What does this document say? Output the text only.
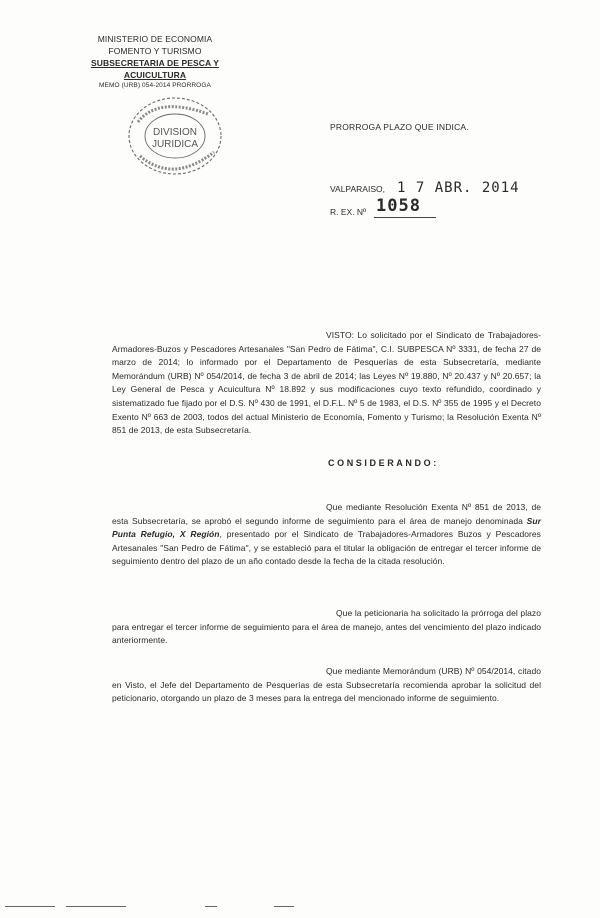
MINISTERIO DE ECONOMIA
FOMENTO Y TURISMO
SUBSECRETARIA DE PESCA Y ACUICULTURA
MEMO (URB) 054-2014 PRORROGA
DIVISION
JURIDICA
PRORROGA PLAZO QUE INDICA.
VALPARAISO, 1 7 ABR. 2014
R. EX. Nº 1058

VISTO: Lo solicitado por el Sindicato de Trabajadores-Armadores-Buzos y Pescadores Artesanales "San Pedro de Fátima", C.I. SUBPESCA Nº 3331, de fecha 27 de marzo de 2014; lo informado por el Departamento de Pesquerías de esta Subsecretaría, mediante Memorándum (URB) Nº 054/2014, de fecha 3 de abril de 2014; las Leyes Nº 19.880, Nº 20.437 y Nº 20.657; la Ley General de Pesca y Acuicultura Nº 18.892 y sus modificaciones cuyo texto refundido, coordinado y sistematizado fue fijado por el D.S. Nº 430 de 1991, el D.F.L. Nº 5 de 1983, el D.S. Nº 355 de 1995 y el Decreto Exento Nº 663 de 2003, todos del actual Ministerio de Economía, Fomento y Turismo; la Resolución Exenta Nº 851 de 2013, de esta Subsecretaría.

CONSIDERANDO:

Que mediante Resolución Exenta Nº 851 de 2013, de esta Subsecretaría, se aprobó el segundo informe de seguimiento para el área de manejo denominada Sur Punta Refugio, X Región, presentado por el Sindicato de Trabajadores-Armadores Buzos y Pescadores Artesanales "San Pedro de Fátima", y se estableció para el titular la obligación de entregar el tercer informe de seguimiento dentro del plazo de un año contado desde la fecha de la citada resolución.

Que la peticionaria ha solicitado la prórroga del plazo para entregar el tercer informe de seguimiento para el área de manejo, antes del vencimiento del plazo indicado anteriormente.

Que mediante Memorándum (URB) Nº 054/2014, citado en Visto, el Jefe del Departamento de Pesquerías de esta Subsecretaría recomienda aprobar la solicitud del peticionario, otorgando un plazo de 3 meses para la entrega del mencionado informe de seguimiento.
